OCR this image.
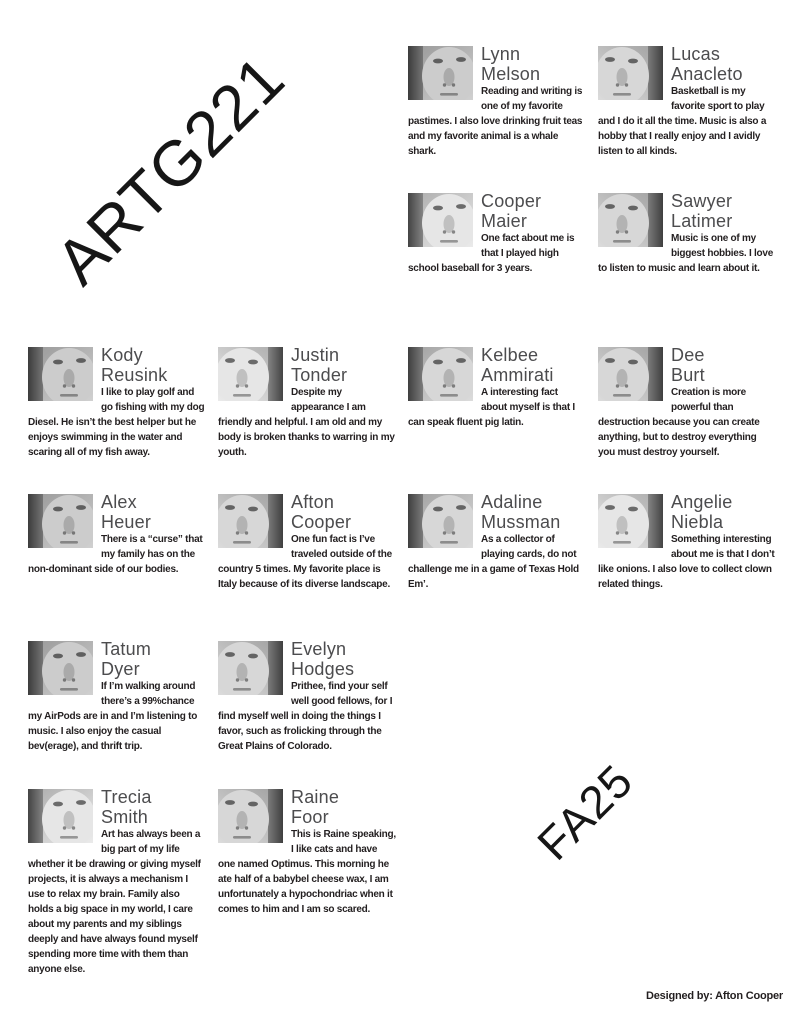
ARTG221
FA25
Lynn
Melson
Reading and writing is one of my favorite pastimes. I also love drinking fruit teas and my favorite animal is a whale shark.
Lucas
Anacleto
Basketball is my favorite sport to play and I do it all the time. Music is also a hobby that I really enjoy and I avidly listen to all kinds.
Cooper
Maier
One fact about me is that I played high school baseball for 3 years.
Sawyer
Latimer
Music is one of my biggest hobbies. I love to listen to music and learn about it.
Kody
Reusink
I like to play golf and go fishing with my dog Diesel. He isn’t the best helper but he enjoys swimming in the water and scaring all of my fish away.
Justin
Tonder
Despite my appearance I am friendly and helpful. I am old and my body is broken thanks to warring in my youth.
Kelbee
Ammirati
A interesting fact about myself is that I can speak fluent pig latin.
Dee
Burt
Creation is more powerful than destruction because you can create anything, but to destroy everything you must destroy yourself.
Alex
Heuer
There is a “curse” that my family has on the non-dominant side of our bodies.
Afton
Cooper
One fun fact is I’ve traveled outside of the country 5 times. My favorite place is Italy because of its diverse landscape.
Adaline
Mussman
As a collector of playing cards, do not challenge me in a game of Texas Hold Em’.
Angelie
Niebla
Something interesting about me is that I don’t like onions. I also love to collect clown related things.
Tatum
Dyer
If I’m walking around there’s a 99%chance my AirPods are in and I’m listening to music. I also enjoy the casual bev(erage), and thrift trip.
Evelyn
Hodges
Prithee, find your self well good fellows, for I find myself well in doing the things I favor, such as frolicking through the Great Plains of Colorado.
Trecia
Smith
Art has always been a big part of my life whether it be drawing or giving myself projects, it is always a mechanism I use to relax my brain. Family also holds a big space in my world, I care about my parents and my siblings deeply and have always found myself spending more time with them than anyone else.
Raine
Foor
This is Raine speaking, I like cats and have one named Optimus. This morning he ate half of a babybel cheese wax, I am unfortunately a hypochondriac when it comes to him and I am so scared.
Designed by: Afton Cooper
